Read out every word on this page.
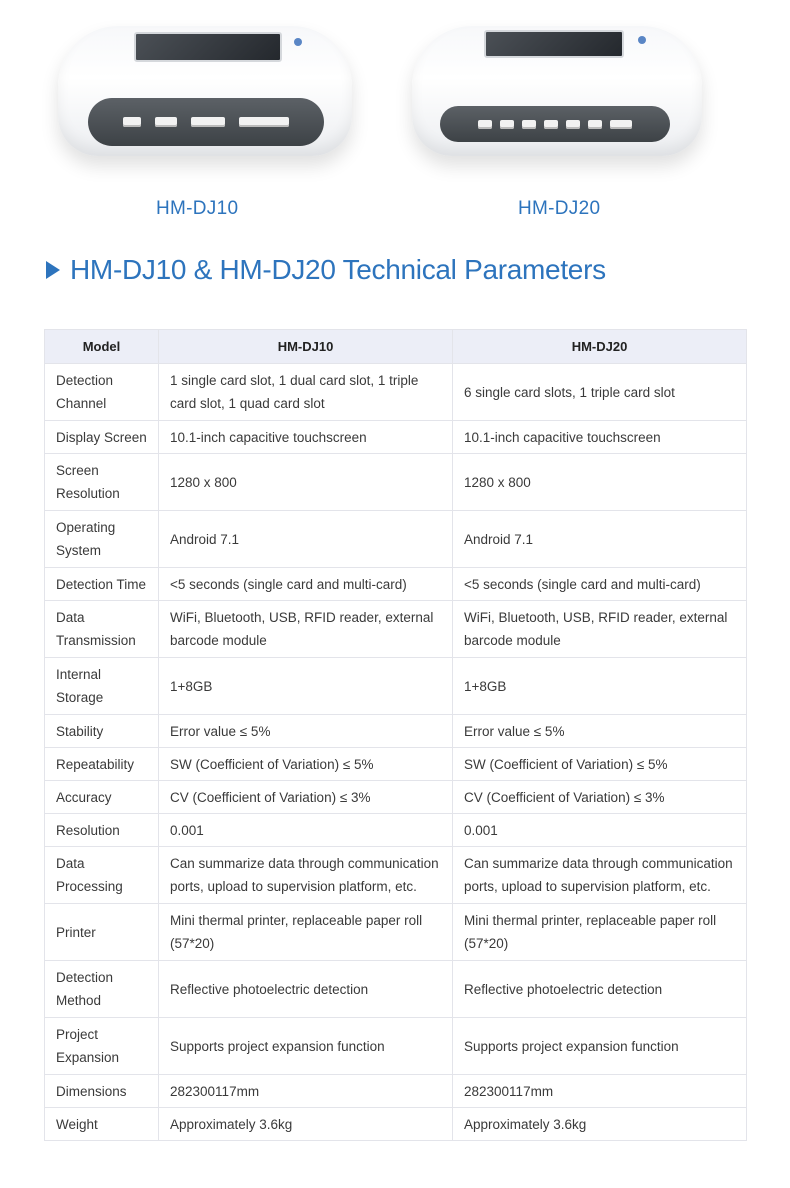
HM-DJ10	HM-DJ20
HM-DJ10 & HM-DJ20 Technical Parameters
Model	HM-DJ10	HM-DJ20
Detection Channel	1 single card slot, 1 dual card slot, 1 triple card slot, 1 quad card slot	6 single card slots, 1 triple card slot
Display Screen	10.1-inch capacitive touchscreen	10.1-inch capacitive touchscreen
Screen Resolution	1280 x 800	1280 x 800
Operating System	Android 7.1	Android 7.1
Detection Time	<5 seconds (single card and multi-card)	<5 seconds (single card and multi-card)
Data Transmission	WiFi, Bluetooth, USB, RFID reader, external barcode module	WiFi, Bluetooth, USB, RFID reader, external barcode module
Internal Storage	1+8GB	1+8GB
Stability	Error value ≤ 5%	Error value ≤ 5%
Repeatability	SW (Coefficient of Variation) ≤ 5%	SW (Coefficient of Variation) ≤ 5%
Accuracy	CV (Coefficient of Variation) ≤ 3%	CV (Coefficient of Variation) ≤ 3%
Resolution	0.001	0.001
Data Processing	Can summarize data through communication ports, upload to supervision platform, etc.	Can summarize data through communication ports, upload to supervision platform, etc.
Printer	Mini thermal printer, replaceable paper roll (57*20)	Mini thermal printer, replaceable paper roll (57*20)
Detection Method	Reflective photoelectric detection	Reflective photoelectric detection
Project Expansion	Supports project expansion function	Supports project expansion function
Dimensions	282300117mm	282300117mm
Weight	Approximately 3.6kg	Approximately 3.6kg
